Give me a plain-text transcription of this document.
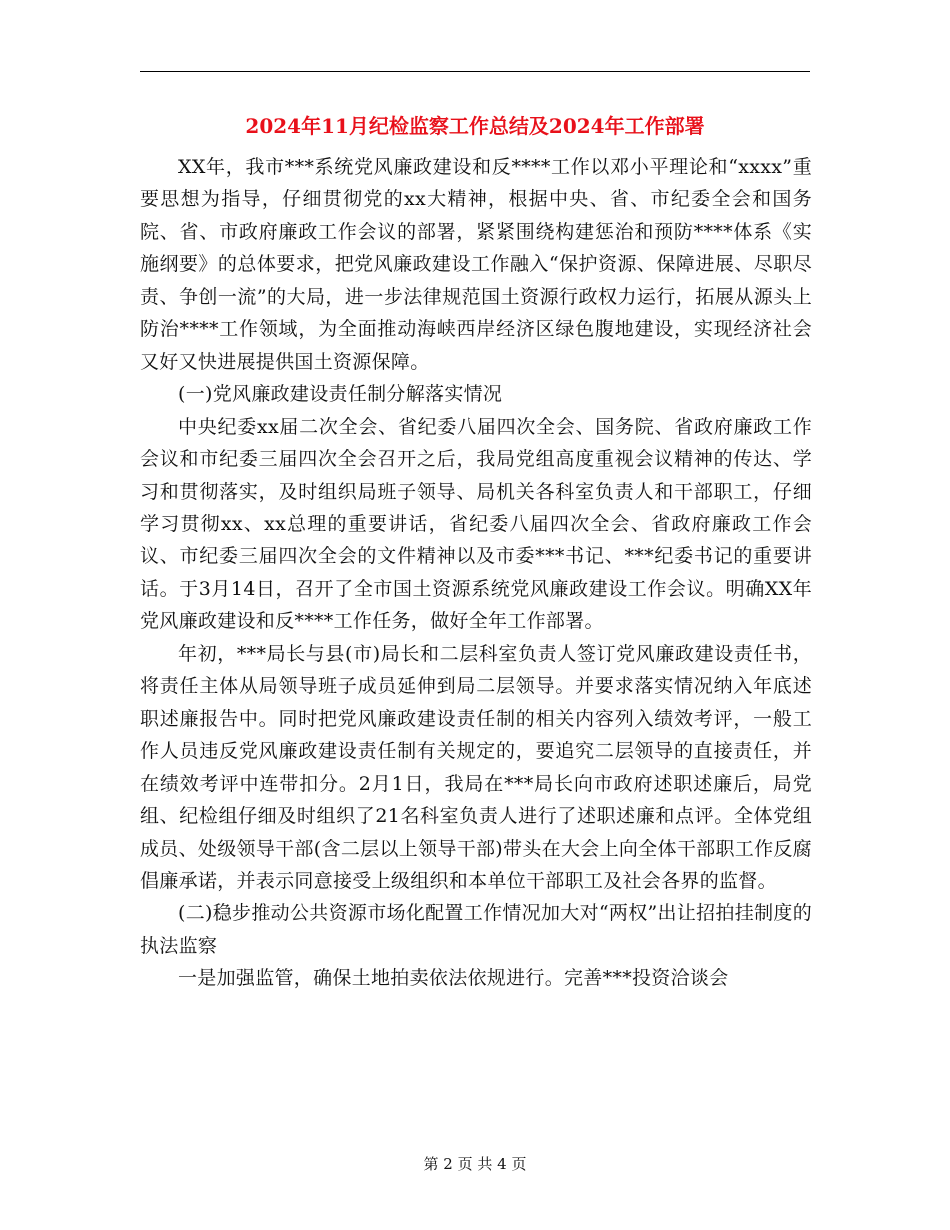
2024年11月纪检监察工作总结及2024年工作部署

XX年，我市***系统党风廉政建设和反****工作以邓小平理论和“xxxx”重要思想为指导，仔细贯彻党的xx大精神，根据中央、省、市纪委全会和国务院、省、市政府廉政工作会议的部署，紧紧围绕构建惩治和预防****体系《实施纲要》的总体要求，把党风廉政建设工作融入“保护资源、保障进展、尽职尽责、争创一流”的大局，进一步法律规范国土资源行政权力运行，拓展从源头上防治****工作领域，为全面推动海峡西岸经济区绿色腹地建设，实现经济社会又好又快进展提供国土资源保障。

(一)党风廉政建设责任制分解落实情况

中央纪委xx届二次全会、省纪委八届四次全会、国务院、省政府廉政工作会议和市纪委三届四次全会召开之后，我局党组高度重视会议精神的传达、学习和贯彻落实，及时组织局班子领导、局机关各科室负责人和干部职工，仔细学习贯彻xx、xx总理的重要讲话，省纪委八届四次全会、省政府廉政工作会议、市纪委三届四次全会的文件精神以及市委***书记、***纪委书记的重要讲话。于3月14日，召开了全市国土资源系统党风廉政建设工作会议。明确XX年党风廉政建设和反****工作任务，做好全年工作部署。

年初，***局长与县(市)局长和二层科室负责人签订党风廉政建设责任书，将责任主体从局领导班子成员延伸到局二层领导。并要求落实情况纳入年底述职述廉报告中。同时把党风廉政建设责任制的相关内容列入绩效考评，一般工作人员违反党风廉政建设责任制有关规定的，要追究二层领导的直接责任，并在绩效考评中连带扣分。2月1日，我局在***局长向市政府述职述廉后，局党组、纪检组仔细及时组织了21名科室负责人进行了述职述廉和点评。全体党组成员、处级领导干部(含二层以上领导干部)带头在大会上向全体干部职工作反腐倡廉承诺，并表示同意接受上级组织和本单位干部职工及社会各界的监督。

(二)稳步推动公共资源市场化配置工作情况加大对“两权”出让招拍挂制度的执法监察

一是加强监管，确保土地拍卖依法依规进行。完善***投资洽谈会

第 2 页 共 4 页
